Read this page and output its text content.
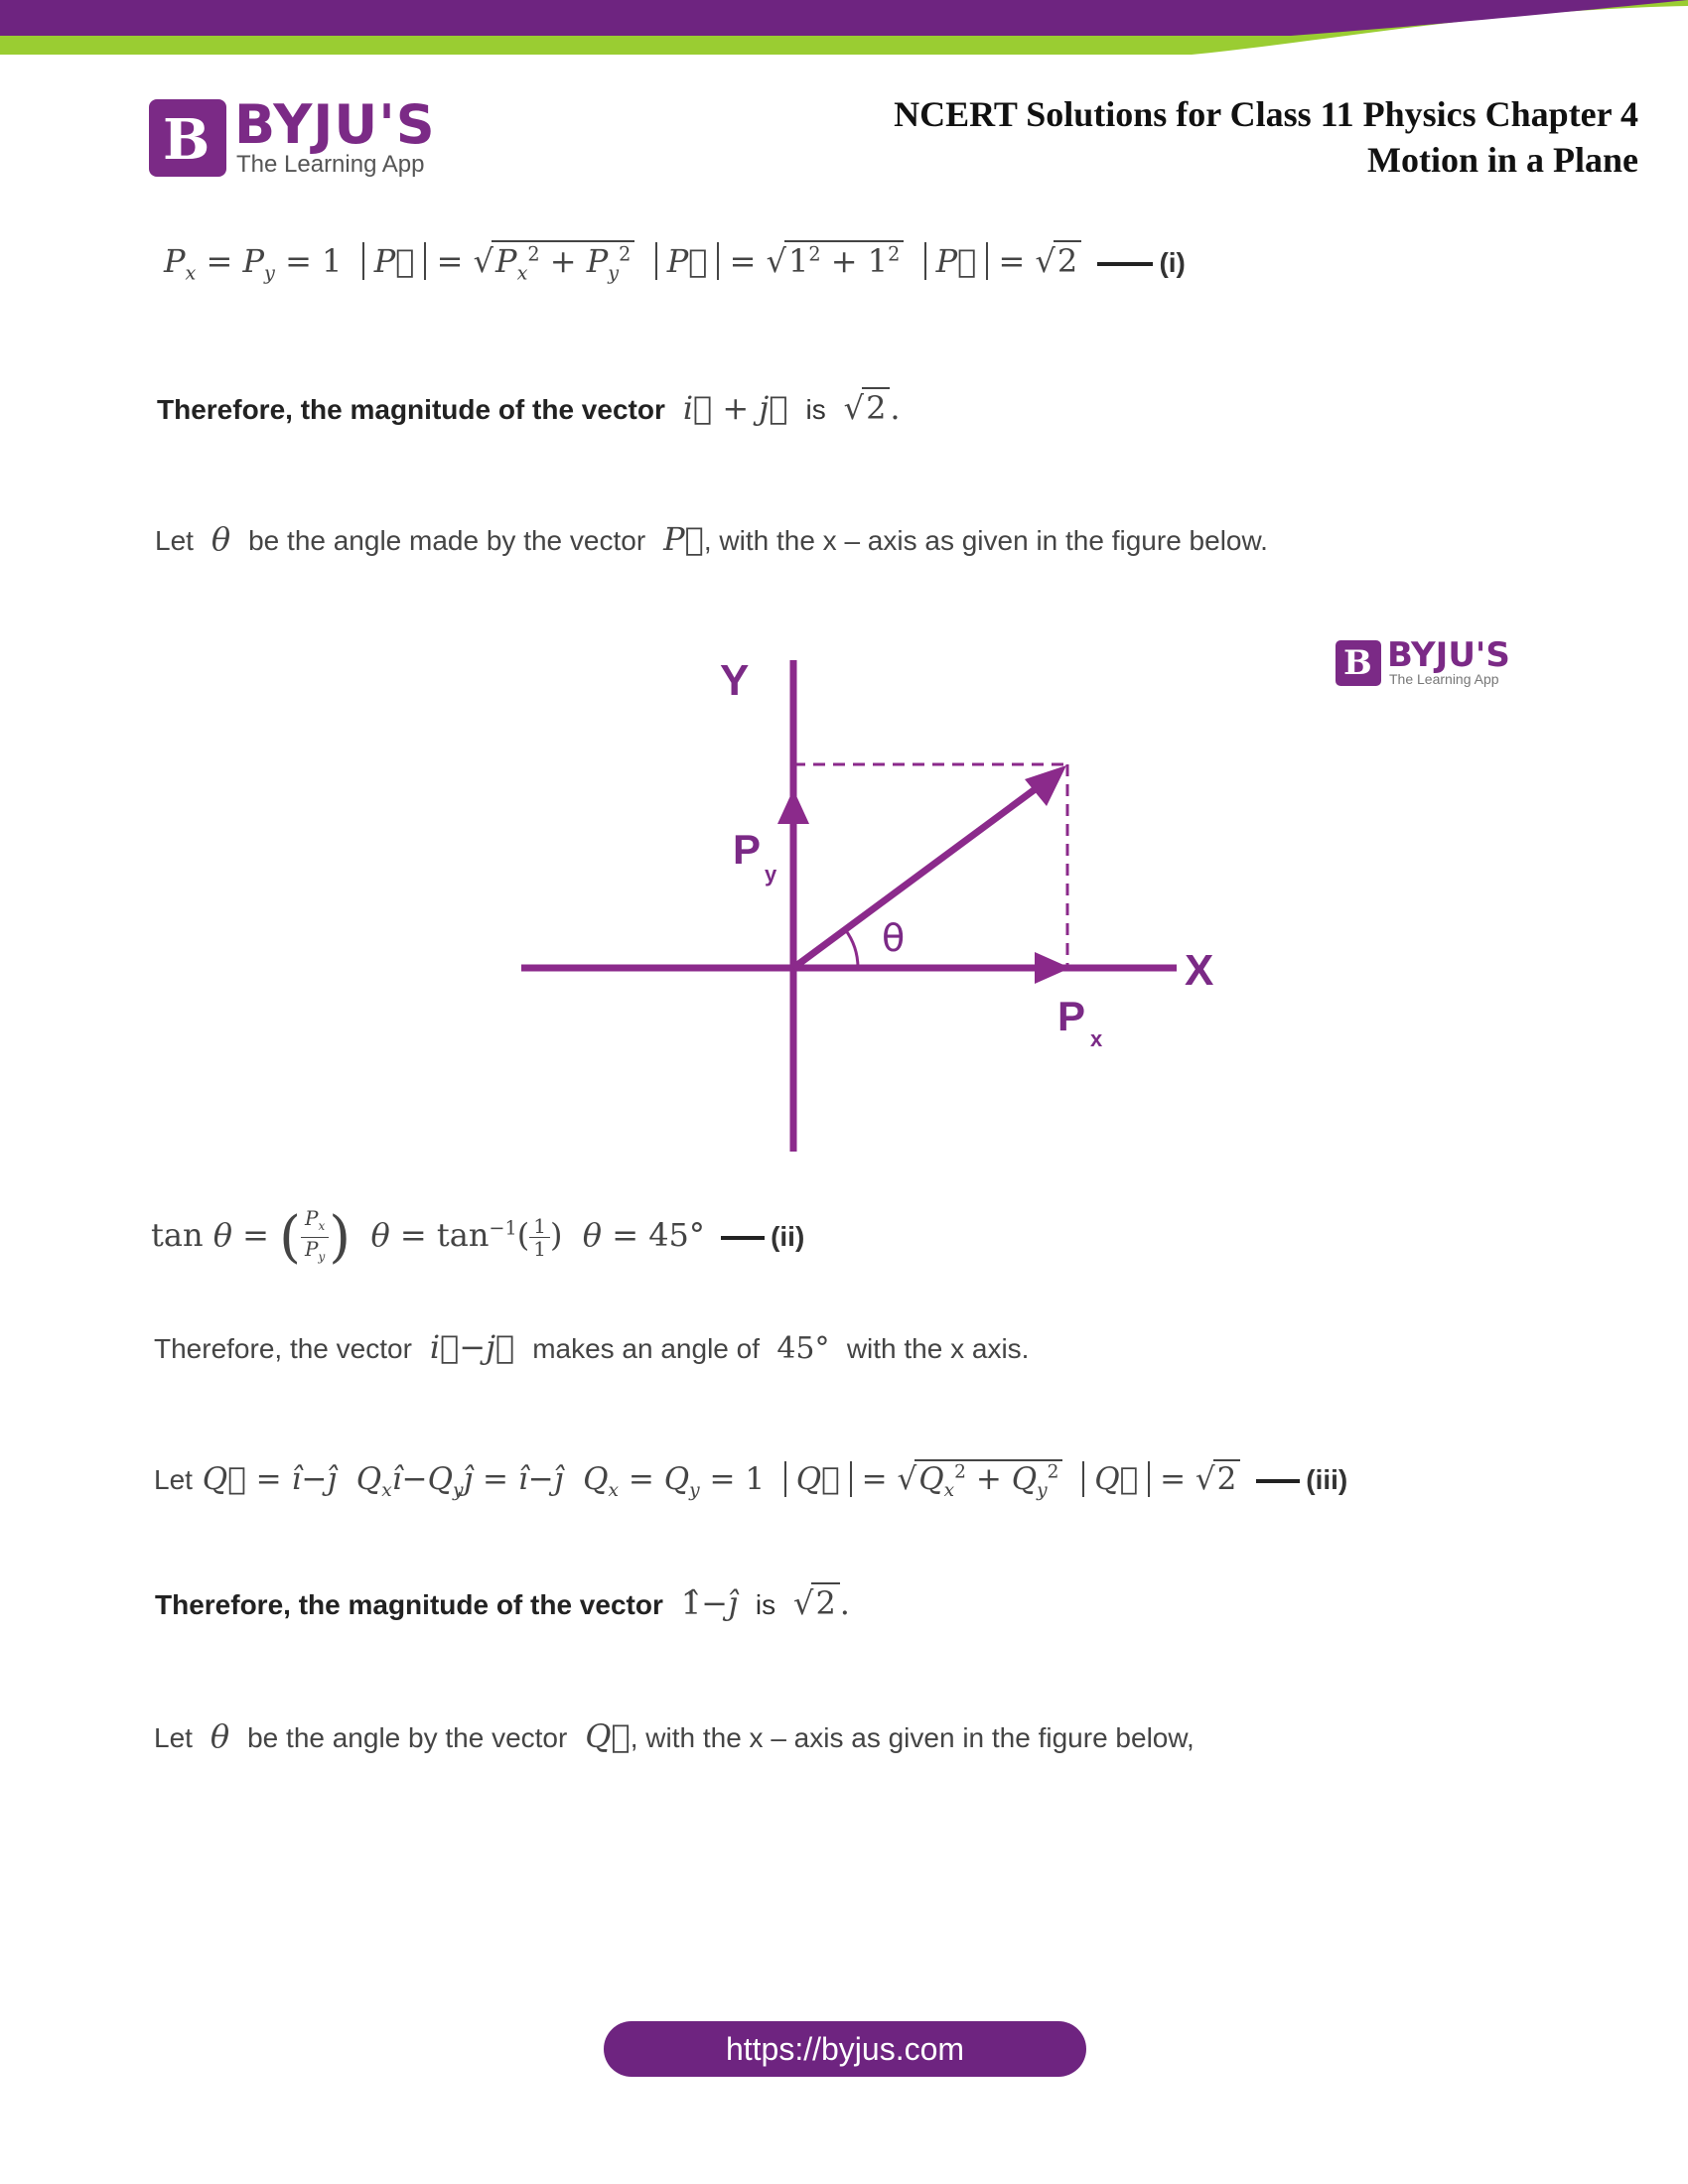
B BYJU'S
The Learning App
NCERT Solutions for Class 11 Physics Chapter 4
Motion in a Plane
$P_x = P_y = 1$  P⃗ = $√P_x^2 + P_y^2$ P⃗ = $√1^2 + 1^2$ P⃗ = √2	(i)
Therefore, the magnitude of the vector i⃗ + j⃗ is  √2 .
Let θ be the angle made by the vector P⃗, with the x – axis as given in the figure below.
B BYJU'S
The Learning App
Y
X
P
y
P x
θ
tan θ = ( $\frac{P_x}{P_y}$ ) $\theta = \tan^{-1}( \frac{1}{1}$ )  θ = 45° (ii)
Therefore, the vector i⃗−j⃗ makes an angle of  45°  with the x axis.
Let Q⃗ = î−ĵ $Q_xî-Q_yĵ$ = î−ĵ $Q_x = Q_y = 1$  Q⃗ = $√Q_x^2 + Q_y^2$ Q⃗ = √2 (iii)
Therefore, the magnitude of the vector  1̂−ĵ is  √2 .
Let θ be the angle by the vector Q⃗, with the x – axis as given in the figure below,
https://byjus.com
